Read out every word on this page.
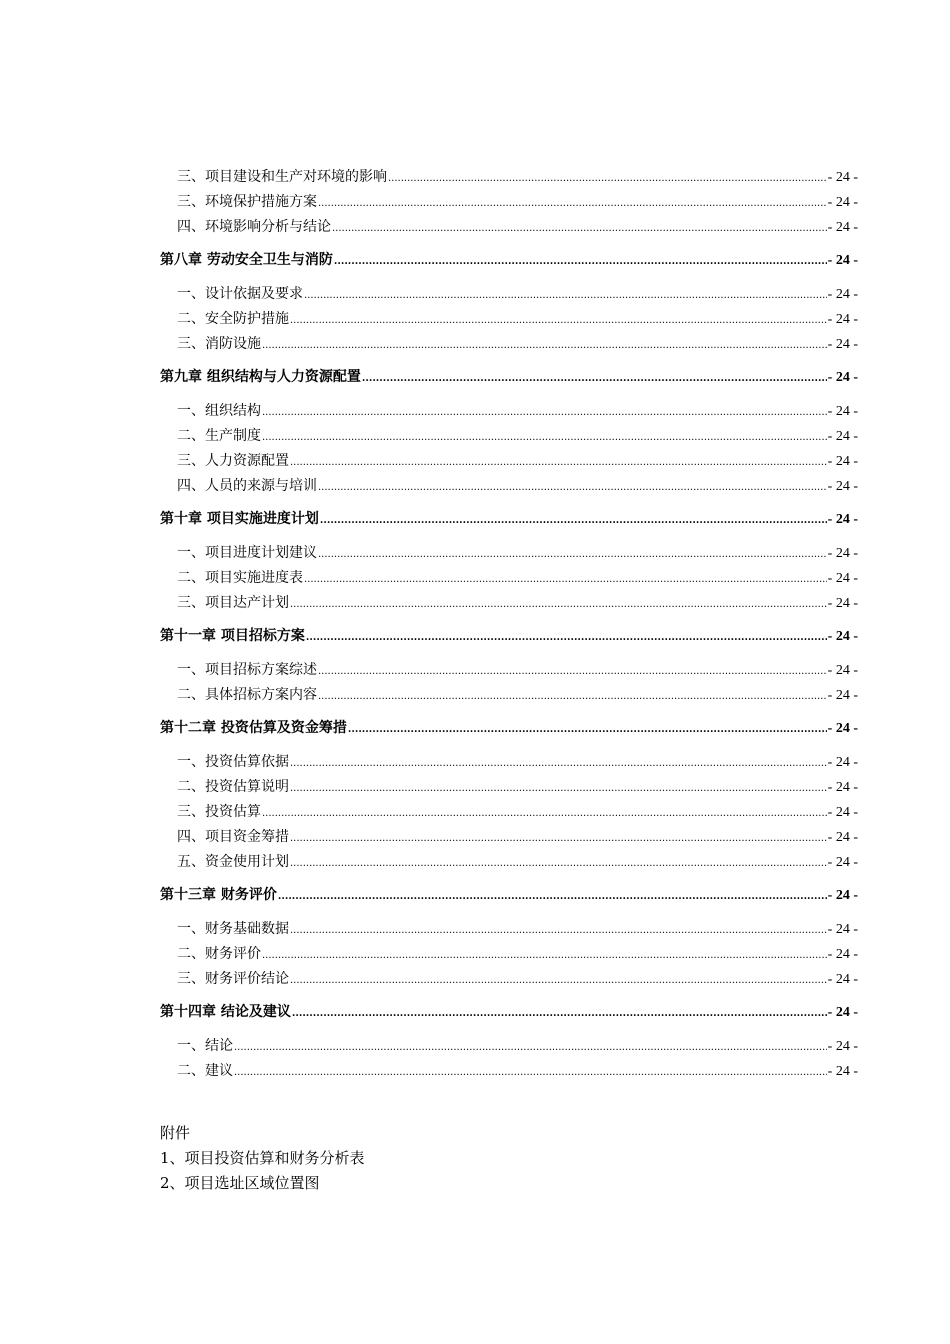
三、项目建设和生产对环境的影响 .....	- 24 -
三、环境保护措施方案 .....	- 24 -
四、环境影响分析与结论 .....	- 24 -
第八章 劳动安全卫生与消防 .....	- 24 -
一、设计依据及要求 .....	- 24 -
二、安全防护措施 .....	- 24 -
三、消防设施 .....	- 24 -
第九章 组织结构与人力资源配置 .....	- 24 -
一、组织结构 .....	- 24 -
二、生产制度 .....	- 24 -
三、人力资源配置 .....	- 24 -
四、人员的来源与培训 .....	- 24 -
第十章 项目实施进度计划 .....	- 24 -
一、项目进度计划建议 .....	- 24 -
二、项目实施进度表 .....	- 24 -
三、项目达产计划 .....	- 24 -
第十一章 项目招标方案 .....	- 24 -
一、项目招标方案综述 .....	- 24 -
二、具体招标方案内容 .....	- 24 -
第十二章 投资估算及资金筹措 .....	- 24 -
一、投资估算依据 .....	- 24 -
二、投资估算说明 .....	- 24 -
三、投资估算 .....	- 24 -
四、项目资金筹措 .....	- 24 -
五、资金使用计划 .....	- 24 -
第十三章 财务评价 .....	- 24 -
一、财务基础数据 .....	- 24 -
二、财务评价 .....	- 24 -
三、财务评价结论 .....	- 24 -
第十四章 结论及建议 .....	- 24 -
一、结论 .....	- 24 -
二、建议 .....	- 24 -
附件
1、项目投资估算和财务分析表
2、项目选址区域位置图
